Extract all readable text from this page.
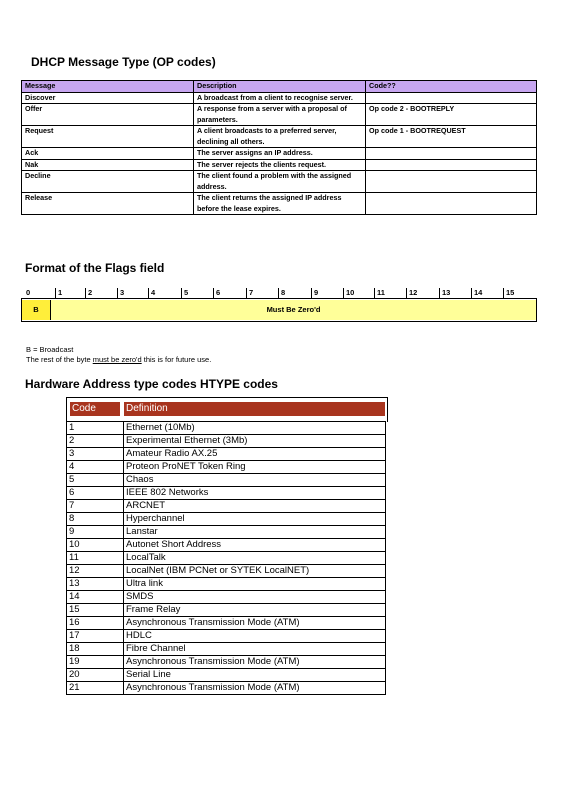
DHCP Message Type (OP codes)
Message	Description	Code??
Discover	A broadcast from a client to recognise server.	
Offer	A response from a server with a proposal of parameters.	Op code 2 - BOOTREPLY
Request	A client broadcasts to a preferred server, declining all others.	Op code 1 - BOOTREQUEST
Ack	The server assigns an IP address.	
Nak	The server rejects the clients request.	
Decline	The client found a problem with the assigned address.	
Release	The client returns the assigned IP address before the lease expires.	
Format of the Flags field
0	1	2	3	4	5	6	7	8	9	10	11	12	13	14	15
B	Must Be Zero'd
B = Broadcast
The rest of the byte must be zero'd this is for future use.
Hardware Address type codes HTYPE codes
Code	Definition
1	Ethernet (10Mb)
2	Experimental Ethernet (3Mb)
3	Amateur Radio AX.25
4	Proteon ProNET Token Ring
5	Chaos
6	IEEE 802 Networks
7	ARCNET
8	Hyperchannel
9	Lanstar
10	Autonet Short Address
11	LocalTalk
12	LocalNet (IBM PCNet or SYTEK LocalNET)
13	Ultra link
14	SMDS
15	Frame Relay
16	Asynchronous Transmission Mode (ATM)
17	HDLC
18	Fibre Channel
19	Asynchronous Transmission Mode (ATM)
20	Serial Line
21	Asynchronous Transmission Mode (ATM)
